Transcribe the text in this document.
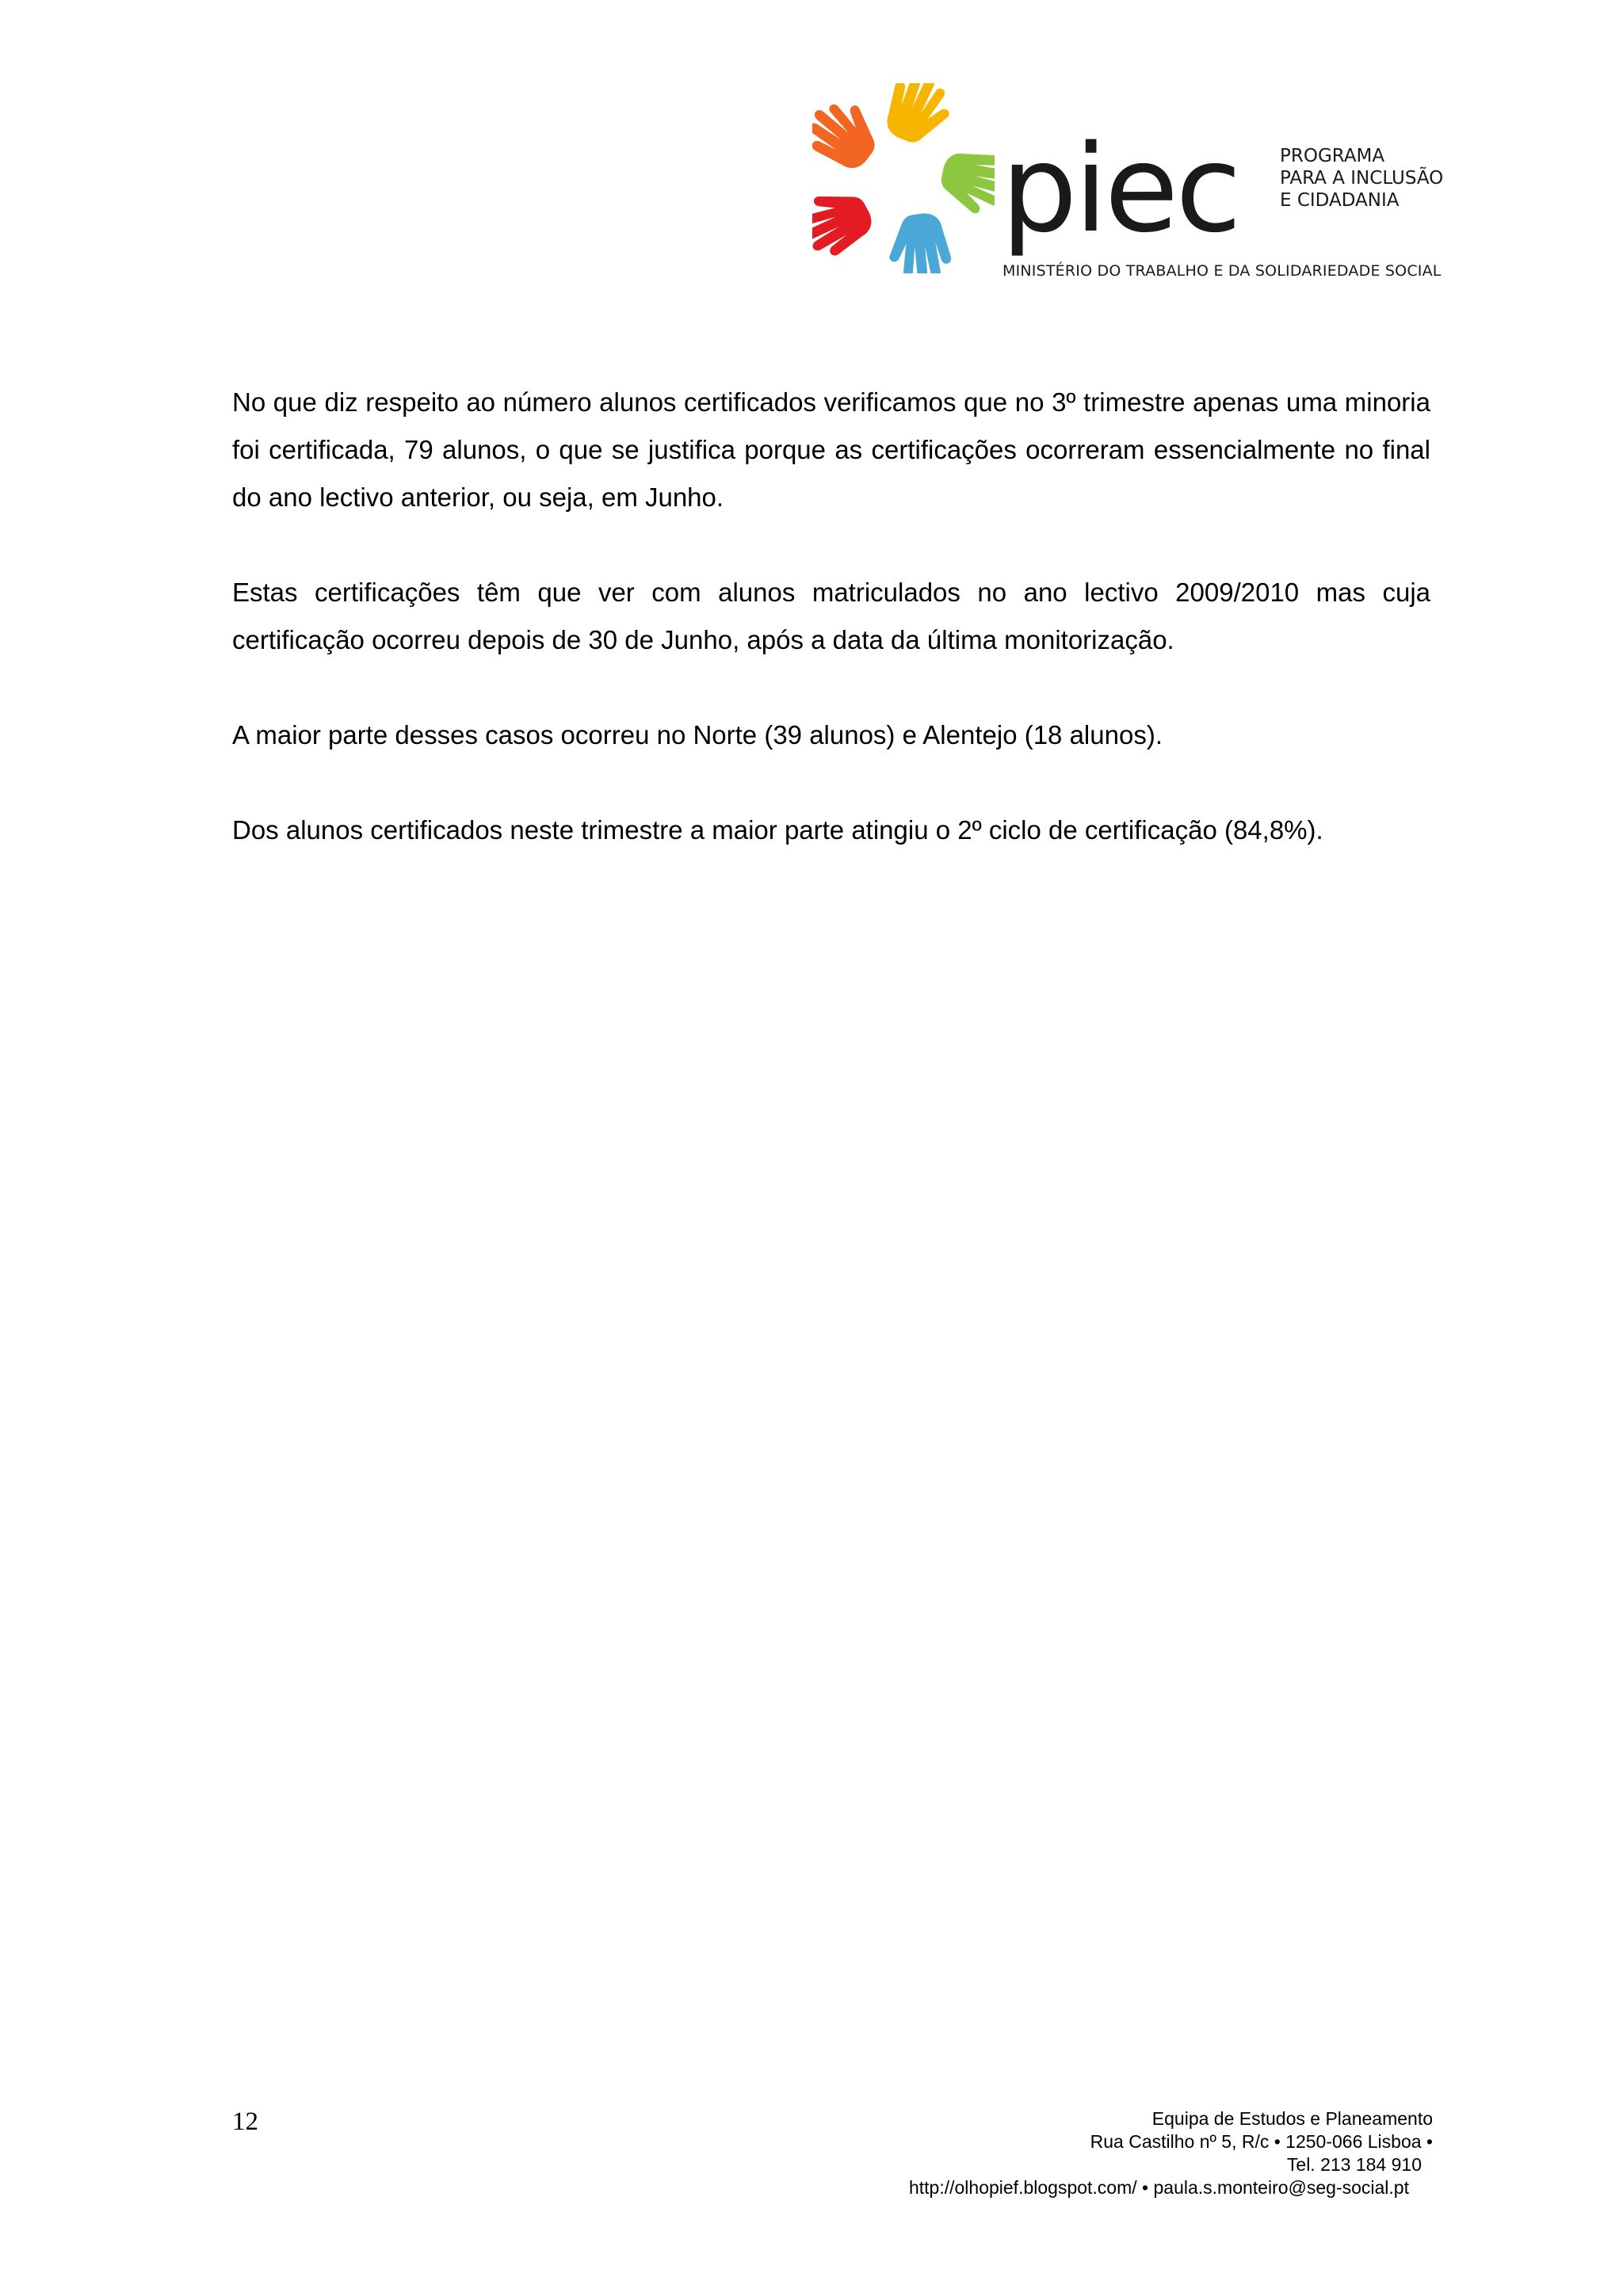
piec PROGRAMA
PARA A INCLUSÃO
E CIDADANIA
MINISTÉRIO DO TRABALHO E DA SOLIDARIEDADE SOCIAL

No que diz respeito ao número alunos certificados verificamos que no 3º trimestre apenas uma minoria foi certificada, 79 alunos, o que se justifica porque as certificações ocorreram essencialmente no final do ano lectivo anterior, ou seja, em Junho.

Estas certificações têm que ver com alunos matriculados no ano lectivo 2009/2010 mas cuja certificação ocorreu depois de 30 de Junho, após a data da última monitorização.

A maior parte desses casos ocorreu no Norte (39 alunos) e Alentejo (18 alunos).

Dos alunos certificados neste trimestre a maior parte atingiu o 2º ciclo de certificação (84,8%).

12	Equipa de Estudos e Planeamento
Rua Castilho nº 5, R/c • 1250-066 Lisboa •
Tel. 213 184 910
http://olhopief.blogspot.com/ • paula.s.monteiro@seg-social.pt
